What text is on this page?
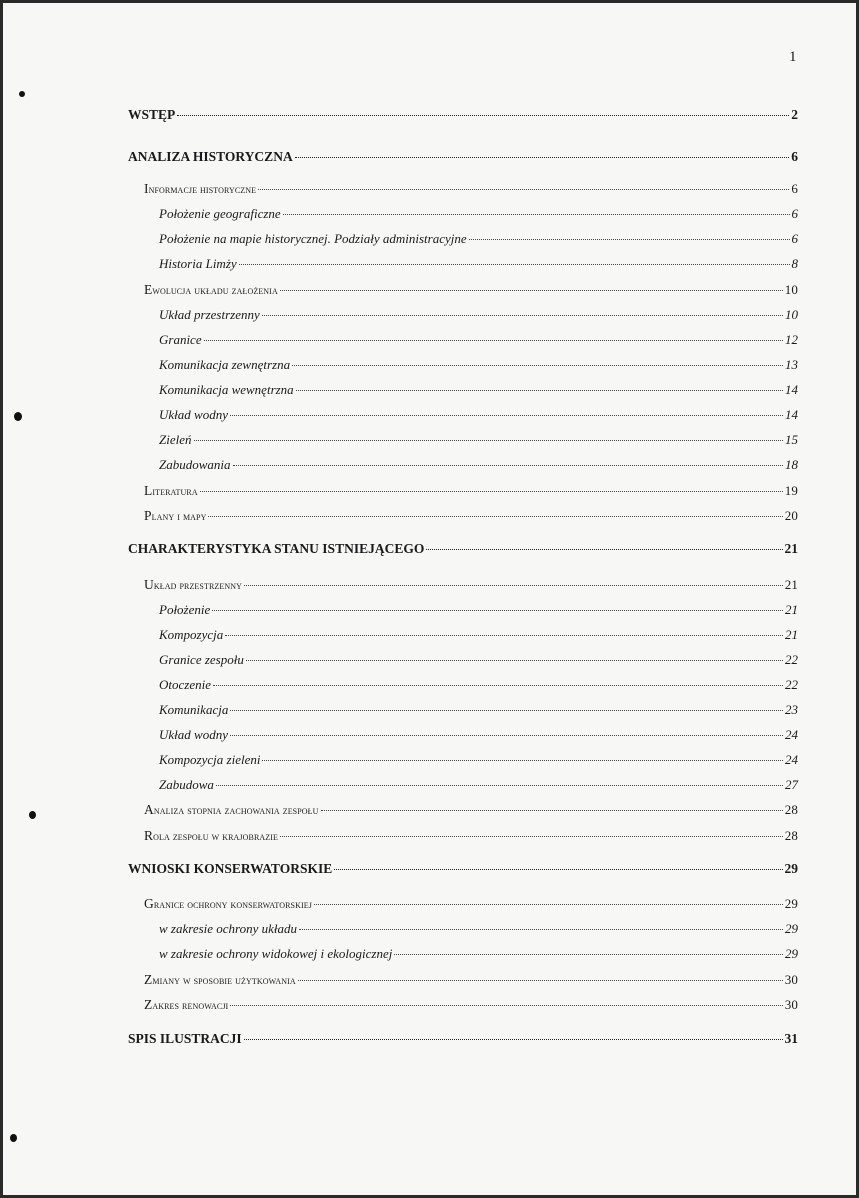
1
WSTĘP	2
ANALIZA HISTORYCZNA	6
Informacje historyczne	6
Położenie geograficzne	6
Położenie na mapie historycznej. Podziały administracyjne	6
Historia Limży	8
Ewolucja układu założenia	10
Układ przestrzenny	10
Granice	12
Komunikacja zewnętrzna	13
Komunikacja wewnętrzna	14
Układ wodny	14
Zieleń	15
Zabudowania	18
Literatura	19
Plany i mapy	20
CHARAKTERYSTYKA STANU ISTNIEJĄCEGO	21
Układ przestrzenny	21
Położenie	21
Kompozycja	21
Granice zespołu	22
Otoczenie	22
Komunikacja	23
Układ wodny	24
Kompozycja zieleni	24
Zabudowa	27
Analiza stopnia zachowania zespołu	28
Rola zespołu w krajobrazie	28
WNIOSKI KONSERWATORSKIE	29
Granice ochrony konserwatorskiej	29
w zakresie ochrony układu	29
w zakresie ochrony widokowej i ekologicznej	29
Zmiany w sposobie użytkowania	30
Zakres renowacji	30
SPIS ILUSTRACJI	31
